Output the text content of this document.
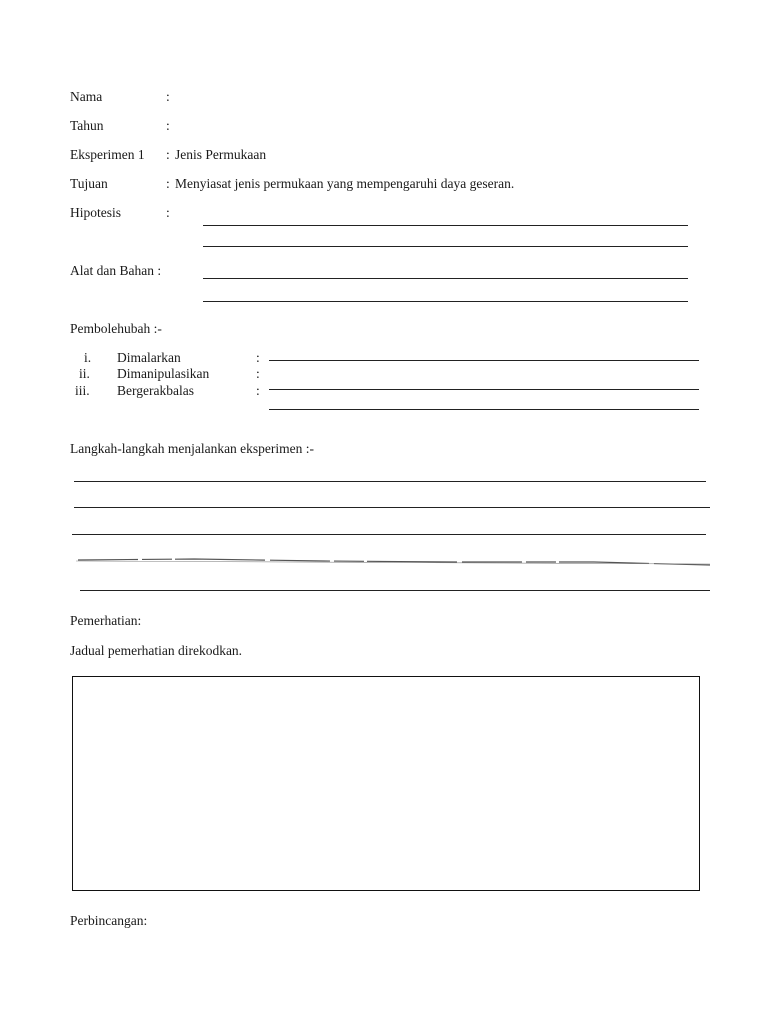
Nama	:
Tahun	:
Eksperimen 1 : Jenis Permukaan
Tujuan	: Menyiasat jenis permukaan yang mempengaruhi daya geseran.
Hipotesis	:
Alat dan Bahan :
Pembolehubah :-
i. Dimalarkan	:
ii. Dimanipulasikan	:
iii. Bergerakbalas	:
Langkah-langkah menjalankan eksperimen :-
Pemerhatian:
Jadual pemerhatian direkodkan.
Perbincangan:
